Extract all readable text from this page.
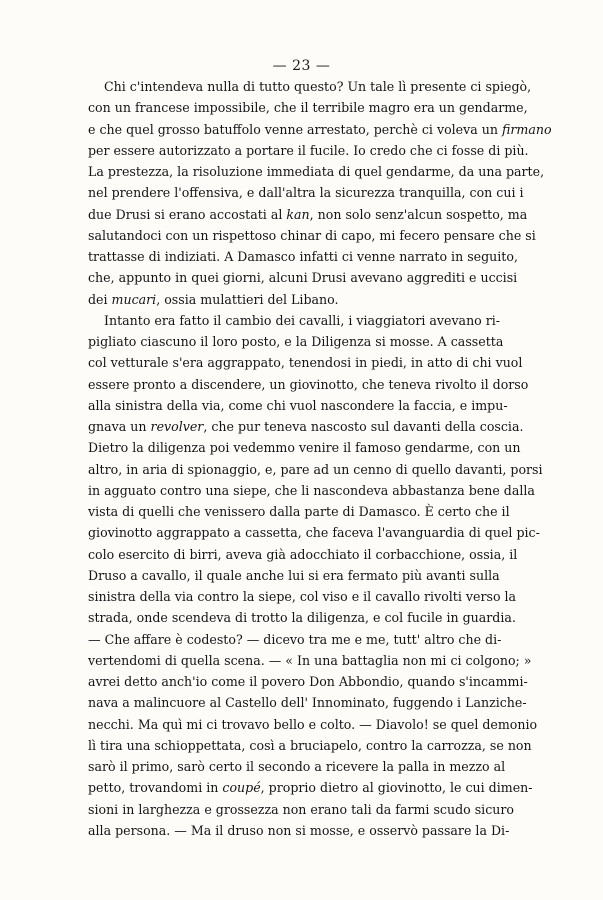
— 23 —
Chi c'intendeva nulla di tutto questo? Un tale lì presente ci spiegò,
con un francese impossibile, che il terribile magro era un gendarme,
e che quel grosso batuffolo venne arrestato, perchè ci voleva un firmano
per essere autorizzato a portare il fucile. Io credo che ci fosse di più.
La prestezza, la risoluzione immediata di quel gendarme, da una parte,
nel prendere l'offensiva, e dall'altra la sicurezza tranquilla, con cui i
due Drusi si erano accostati al kan, non solo senz'alcun sospetto, ma
salutandoci con un rispettoso chinar di capo, mi fecero pensare che si
trattasse di indiziati. A Damasco infatti ci venne narrato in seguito,
che, appunto in quei giorni, alcuni Drusi avevano aggrediti e uccisi
dei mucari, ossia mulattieri del Libano.
Intanto era fatto il cambio dei cavalli, i viaggiatori avevano ri-
pigliato ciascuno il loro posto, e la Diligenza si mosse. A cassetta
col vetturale s'era aggrappato, tenendosi in piedi, in atto di chi vuol
essere pronto a discendere, un giovinotto, che teneva rivolto il dorso
alla sinistra della via, come chi vuol nascondere la faccia, e impu-
gnava un revolver, che pur teneva nascosto sul davanti della coscia.
Dietro la diligenza poi vedemmo venire il famoso gendarme, con un
altro, in aria di spionaggio, e, pare ad un cenno di quello davanti, porsi
in agguato contro una siepe, che li nascondeva abbastanza bene dalla
vista di quelli che venissero dalla parte di Damasco. È certo che il
giovinotto aggrappato a cassetta, che faceva l'avanguardia di quel pic-
colo esercito di birri, aveva già adocchiato il corbacchione, ossia, il
Druso a cavallo, il quale anche lui si era fermato più avanti sulla
sinistra della via contro la siepe, col viso e il cavallo rivolti verso la
strada, onde scendeva di trotto la diligenza, e col fucile in guardia.
— Che affare è codesto? — dicevo tra me e me, tutt' altro che di-
vertendomi di quella scena. — « In una battaglia non mi ci colgono; »
avrei detto anch'io come il povero Don Abbondio, quando s'incammi-
nava a malincuore al Castello dell' Innominato, fuggendo i Lanziche-
necchi. Ma quì mi ci trovavo bello e colto. — Diavolo! se quel demonio
lì tira una schioppettata, così a bruciapelo, contro la carrozza, se non
sarò il primo, sarò certo il secondo a ricevere la palla in mezzo al
petto, trovandomi in coupé, proprio dietro al giovinotto, le cui dimen-
sioni in larghezza e grossezza non erano tali da farmi scudo sicuro
alla persona. — Ma il druso non si mosse, e osservò passare la Di-
